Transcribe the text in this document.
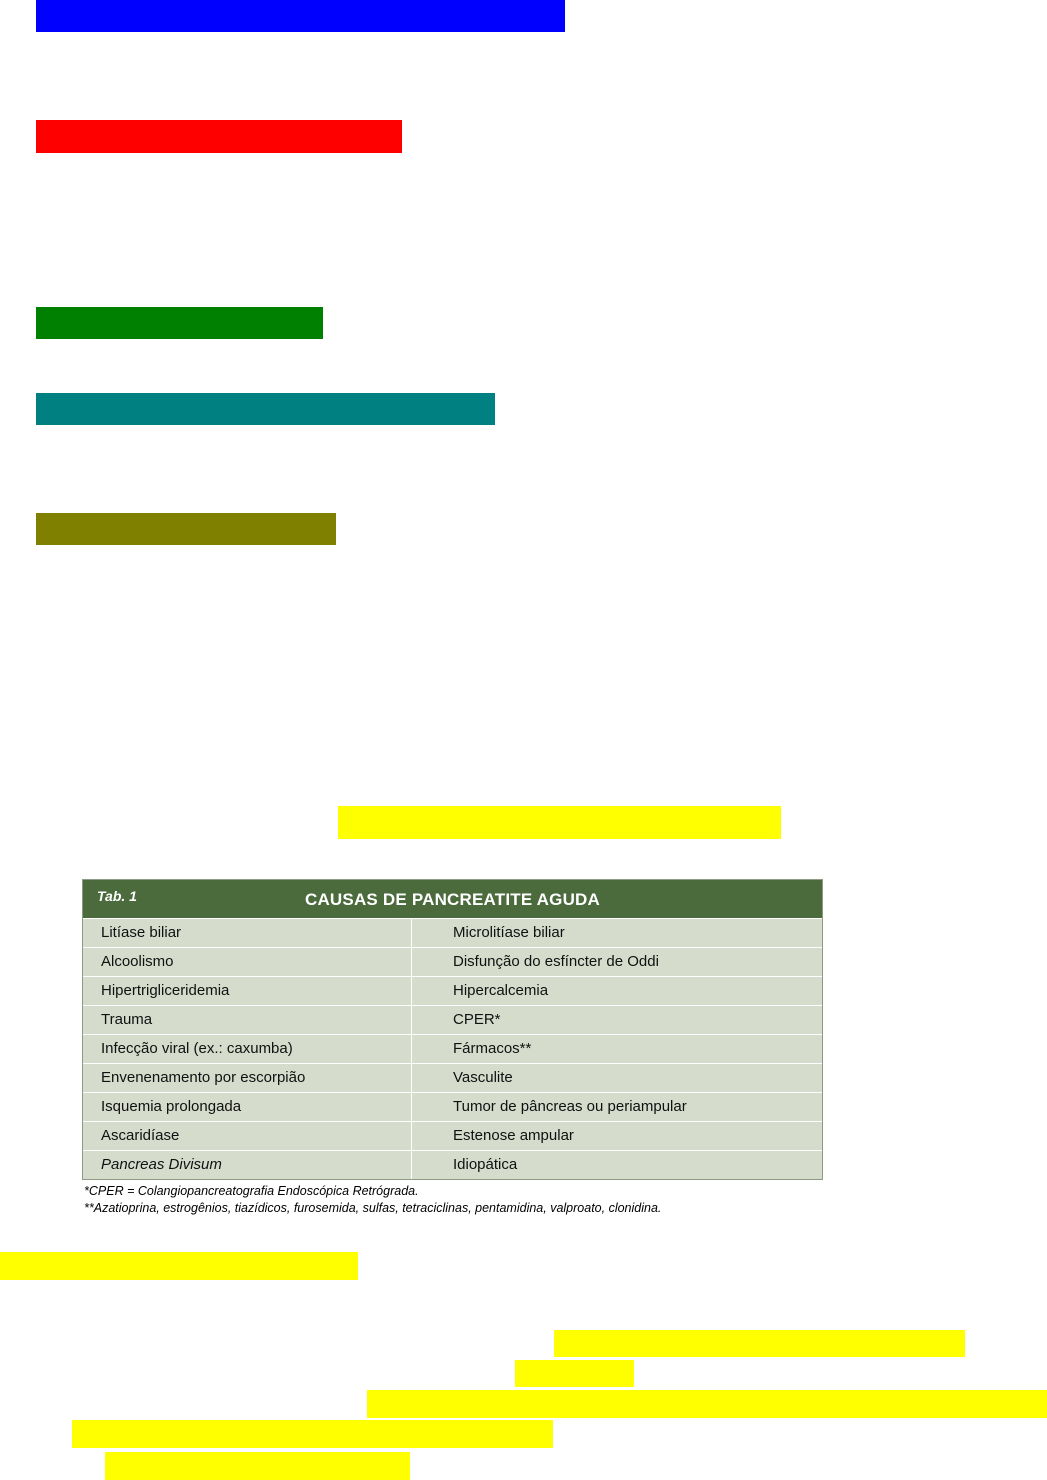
Tab. 1	CAUSAS DE PANCREATITE AGUDA
Litíase biliar	Microlitíase biliar
Alcoolismo	Disfunção do esfíncter de Oddi
Hipertrigliceridemia	Hipercalcemia
Trauma	CPER*
Infecção viral (ex.: caxumba)	Fármacos**
Envenenamento por escorpião	Vasculite
Isquemia prolongada	Tumor de pâncreas ou periampular
Ascaridíase	Estenose ampular
Pancreas Divisum	Idiopática
*CPER = Colangiopancreatografia Endoscópica Retrógrada.
**Azatioprina, estrogênios, tiazídicos, furosemida, sulfas, tetraciclinas, pentamidina, valproato, clonidina.
